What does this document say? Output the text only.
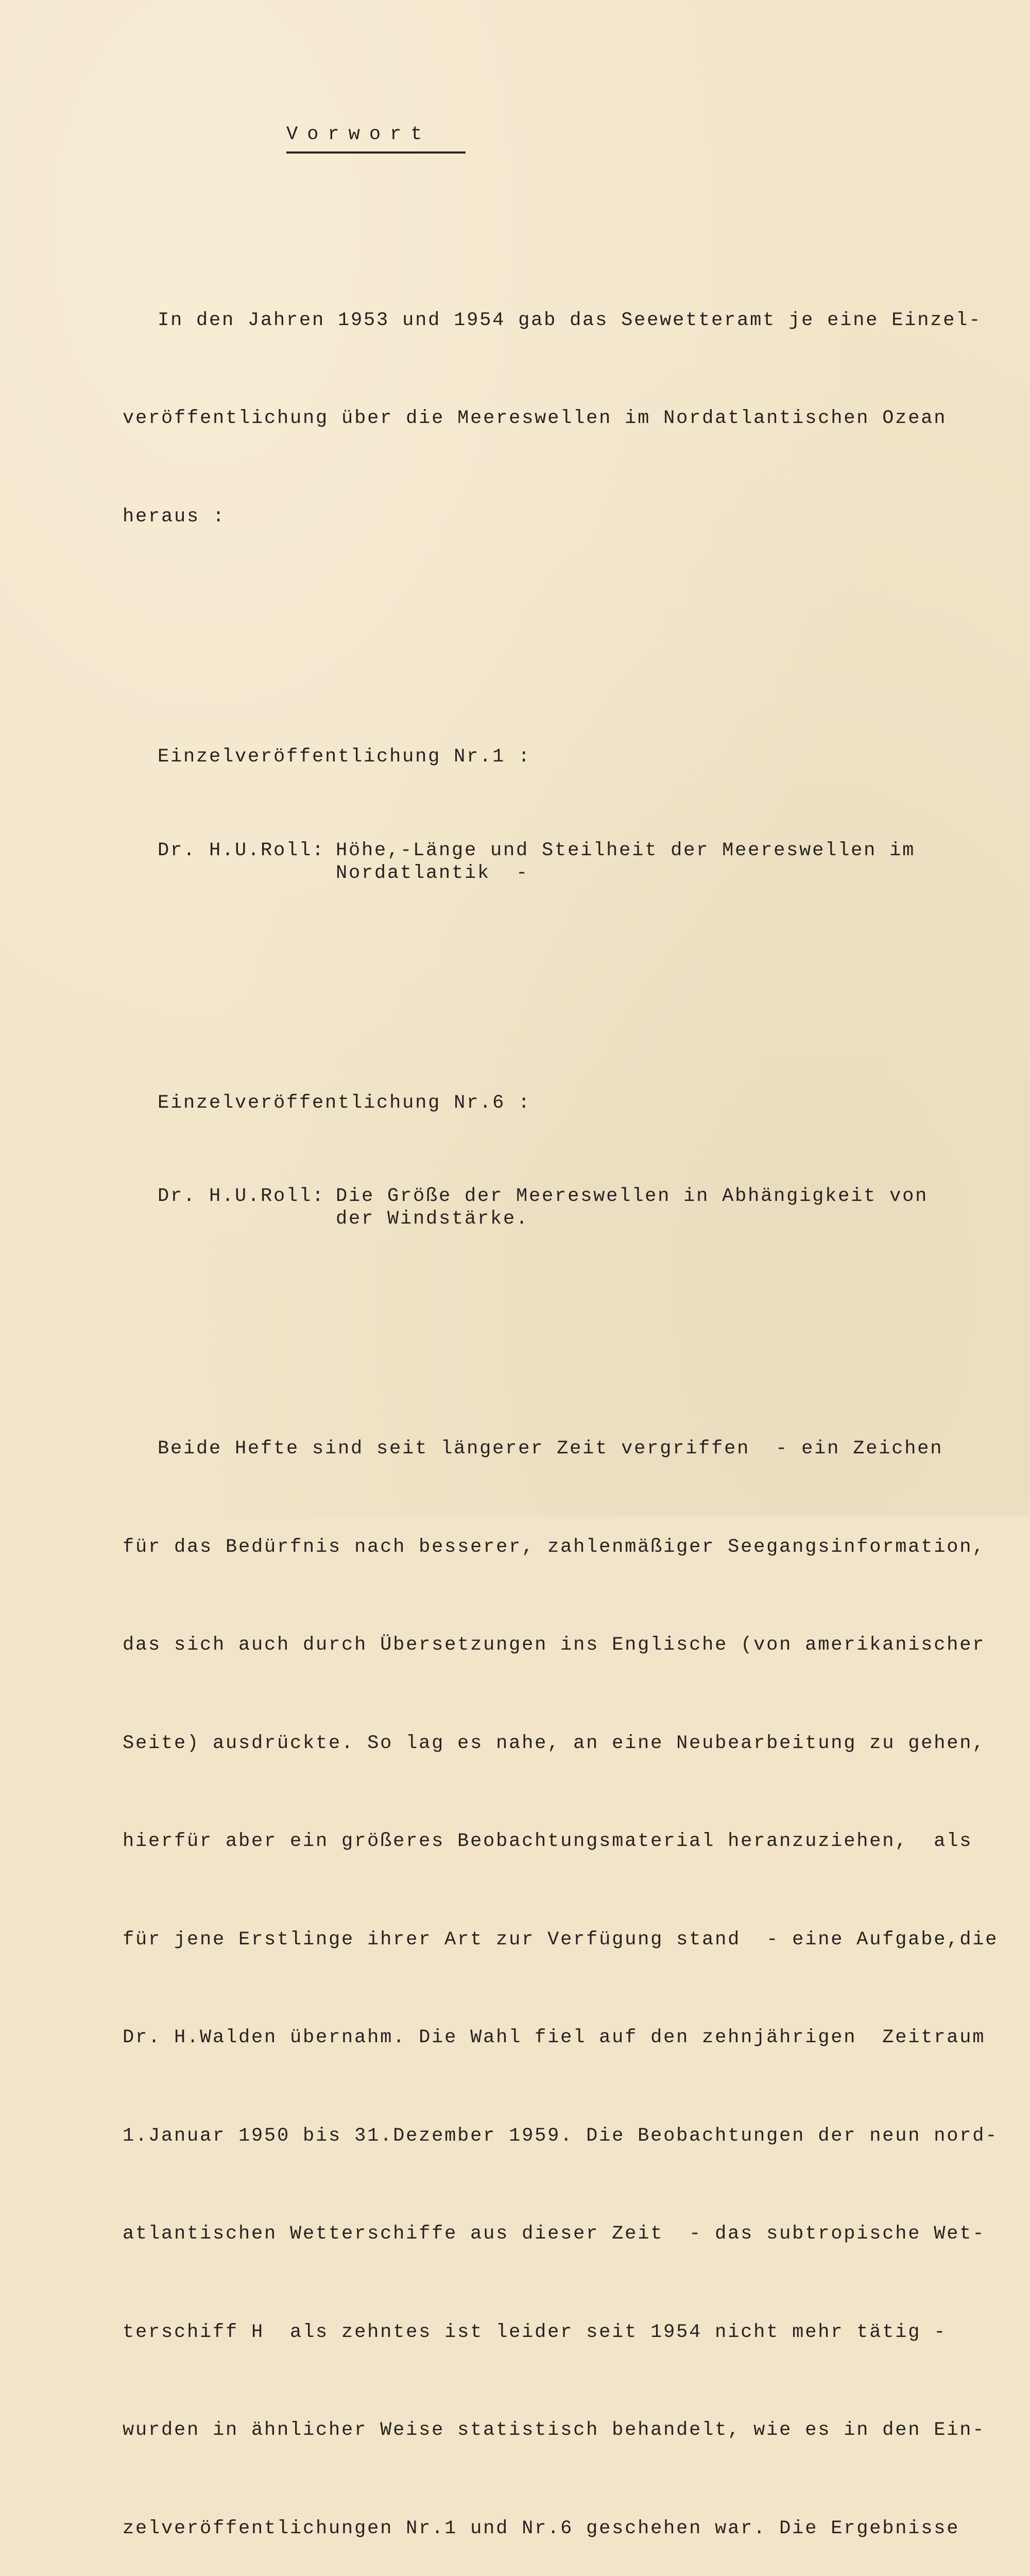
Vorwort

In den Jahren 1953 und 1954 gab das Seewetteramt je eine Einzel-

veröffentlichung über die Meereswellen im Nordatlantischen Ozean

heraus :

Einzelveröffentlichung Nr.1 :

Dr. H.U.Roll: Höhe,-Länge und Steilheit der Meereswellen im
Nordatlantik  -

Einzelveröffentlichung Nr.6 :

Dr. H.U.Roll: Die Größe der Meereswellen in Abhängigkeit von
der Windstärke.

Beide Hefte sind seit längerer Zeit vergriffen  - ein Zeichen

für das Bedürfnis nach besserer, zahlenmäßiger Seegangsinformation,

das sich auch durch Übersetzungen ins Englische (von amerikanischer

Seite) ausdrückte. So lag es nahe, an eine Neubearbeitung zu gehen,

hierfür aber ein größeres Beobachtungsmaterial heranzuziehen,  als

für jene Erstlinge ihrer Art zur Verfügung stand  - eine Aufgabe,die

Dr. H.Walden übernahm. Die Wahl fiel auf den zehnjährigen  Zeitraum

1.Januar 1950 bis 31.Dezember 1959. Die Beobachtungen der neun nord-

atlantischen Wetterschiffe aus dieser Zeit  - das subtropische Wet-

terschiff H  als zehntes ist leider seit 1954 nicht mehr tätig -

wurden in ähnlicher Weise statistisch behandelt, wie es in den Ein-

zelveröffentlichungen Nr.1 und Nr.6 geschehen war. Die Ergebnisse
